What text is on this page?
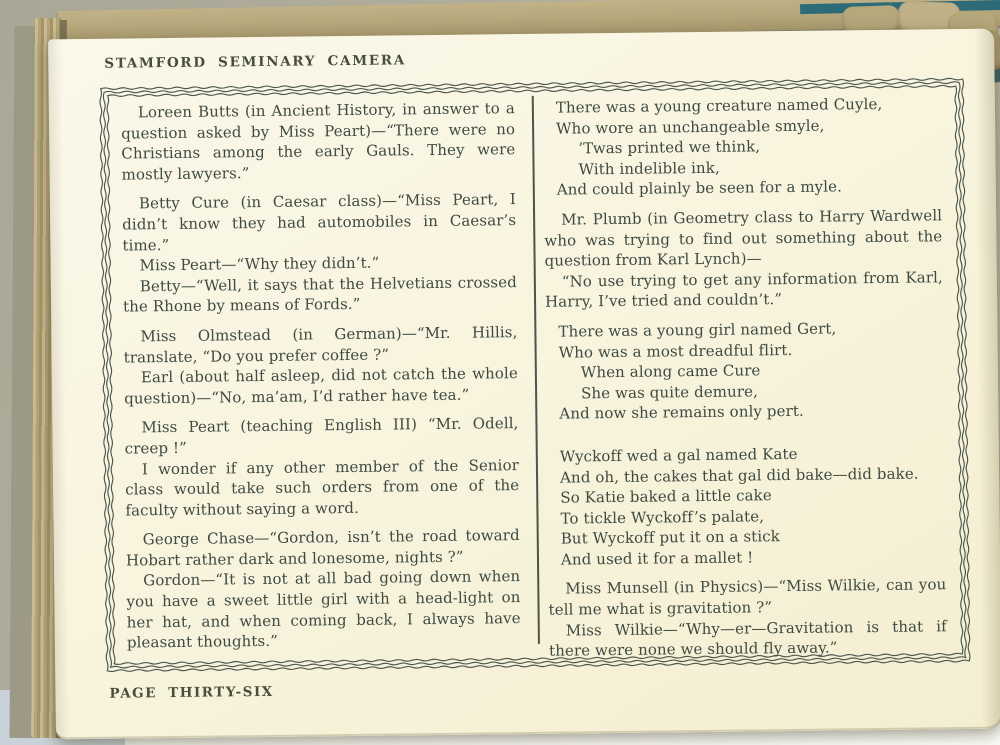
STAMFORD SEMINARY CAMERA

Loreen Butts (in Ancient History, in answer to a question asked by Miss Peart)—“There were no Christians among the early Gauls. They were mostly lawyers.”

Betty Cure (in Caesar class)—“Miss Peart, I didn’t know they had automobiles in Caesar’s time.”

Miss Peart—“Why they didn’t.”

Betty—“Well, it says that the Helvetians crossed the Rhone by means of Fords.”

Miss Olmstead (in German)—“Mr. Hillis, translate, “Do you prefer coffee ?”

Earl (about half asleep, did not catch the whole question)—“No, ma’am, I’d rather have tea.”

Miss Peart (teaching English III) “Mr. Odell, creep !”

I wonder if any other member of the Senior class would take such orders from one of the faculty without saying a word.

George Chase—“Gordon, isn’t the road toward Hobart rather dark and lonesome, nights ?”

Gordon—“It is not at all bad going down when you have a sweet little girl with a head-light on her hat, and when coming back, I always have pleasant thoughts.”

There was a young creature named Cuyle,
Who wore an unchangeable smyle,
’Twas printed we think,
With indelible ink,
And could plainly be seen for a myle.

Mr. Plumb (in Geometry class to Harry Wardwell who was trying to find out something about the question from Karl Lynch)—

“No use trying to get any information from Karl, Harry, I’ve tried and couldn’t.”

There was a young girl named Gert,
Who was a most dreadful flirt.
When along came Cure
She was quite demure,
And now she remains only pert.
Wyckoff wed a gal named Kate
And oh, the cakes that gal did bake—did bake.
So Katie baked a little cake
To tickle Wyckoff’s palate,
But Wyckoff put it on a stick
And used it for a mallet !

Miss Munsell (in Physics)—“Miss Wilkie, can you tell me what is gravitation ?”

Miss Wilkie—“Why—er—Gravitation is that if there were none we should fly away.”

PAGE THIRTY-SIX
